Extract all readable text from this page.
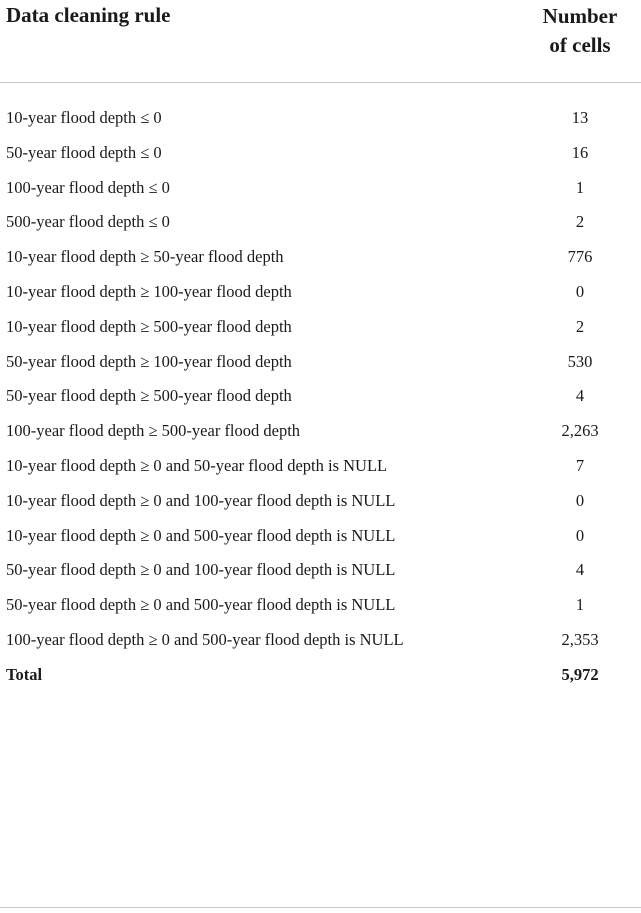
Data cleaning rule	Number
of cells
10-year flood depth ≤ 0	13
50-year flood depth ≤ 0	16
100-year flood depth ≤ 0	1
500-year flood depth ≤ 0	2
10-year flood depth ≥ 50-year flood depth	776
10-year flood depth ≥ 100-year flood depth	0
10-year flood depth ≥ 500-year flood depth	2
50-year flood depth ≥ 100-year flood depth	530
50-year flood depth ≥ 500-year flood depth	4
100-year flood depth ≥ 500-year flood depth	2,263
10-year flood depth ≥ 0 and 50-year flood depth is NULL	7
10-year flood depth ≥ 0 and 100-year flood depth is NULL	0
10-year flood depth ≥ 0 and 500-year flood depth is NULL	0
50-year flood depth ≥ 0 and 100-year flood depth is NULL	4
50-year flood depth ≥ 0 and 500-year flood depth is NULL	1
100-year flood depth ≥ 0 and 500-year flood depth is NULL	2,353
Total	5,972
